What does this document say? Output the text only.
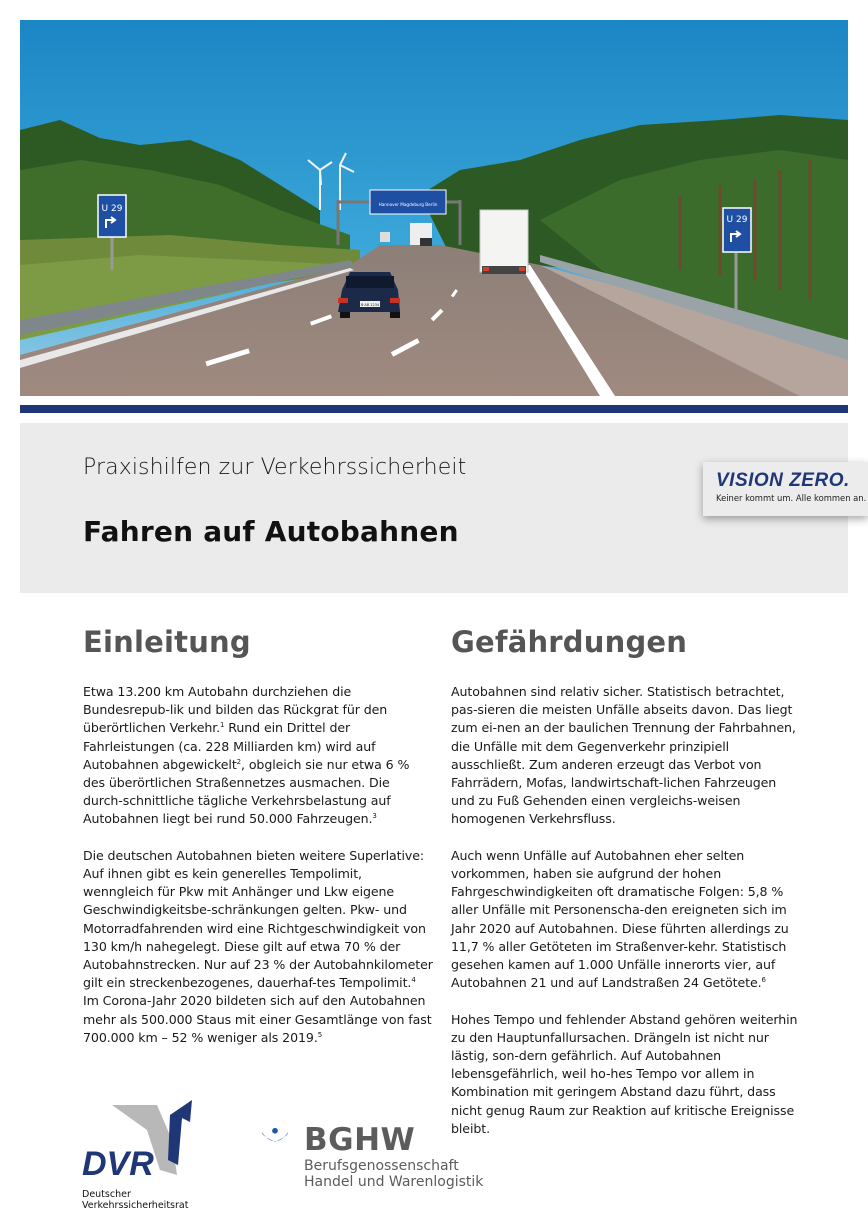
Hannover Magdeburg Berlin
U 29
U 29
B·AB 1234
Praxishilfen zur Verkehrssicherheit
Fahren auf Autobahnen
VISION ZERO.
Keiner kommt um. Alle kommen an.
Einleitung

Etwa 13.200 km Autobahn durchziehen die Bundesrepub-lik und bilden das Rückgrat für den überörtlichen Verkehr.$^1$ Rund ein Drittel der Fahrleistungen (ca. 228 Milliarden km) wird auf Autobahnen abgewickelt$^2$, obgleich sie nur etwa 6 % des überörtlichen Straßennetzes ausmachen. Die durch-schnittliche tägliche Verkehrsbelastung auf Autobahnen liegt bei rund 50.000 Fahrzeugen.$^3$

Die deutschen Autobahnen bieten weitere Superlative: Auf ihnen gibt es kein generelles Tempolimit, wenngleich für Pkw mit Anhänger und Lkw eigene Geschwindigkeitsbe-schränkungen gelten. Pkw- und Motorradfahrenden wird eine Richtgeschwindigkeit von 130 km/h nahegelegt. Diese gilt auf etwa 70 % der Autobahnstrecken. Nur auf 23 % der Autobahnkilometer gilt ein streckenbezogenes, dauerhaf-tes Tempolimit.$^4$ Im Corona-Jahr 2020 bildeten sich auf den Autobahnen mehr als 500.000 Staus mit einer Gesamtlänge von fast 700.000 km – 52 % weniger als 2019.$^5$

Gefährdungen

Autobahnen sind relativ sicher. Statistisch betrachtet, pas-sieren die meisten Unfälle abseits davon. Das liegt zum ei-nen an der baulichen Trennung der Fahrbahnen, die Unfälle mit dem Gegenverkehr prinzipiell ausschließt. Zum anderen erzeugt das Verbot von Fahrrädern, Mofas, landwirtschaft-lichen Fahrzeugen und zu Fuß Gehenden einen vergleichs-weisen homogenen Verkehrsfluss.

Auch wenn Unfälle auf Autobahnen eher selten vorkommen, haben sie aufgrund der hohen Fahrgeschwindigkeiten oft dramatische Folgen: 5,8 % aller Unfälle mit Personenscha-den ereigneten sich im Jahr 2020 auf Autobahnen. Diese führten allerdings zu 11,7 % aller Getöteten im Straßenver-kehr. Statistisch gesehen kamen auf 1.000 Unfälle innerorts vier, auf Autobahnen 21 und auf Landstraßen 24 Getötete.$^6$

Hohes Tempo und fehlender Abstand gehören weiterhin zu den Hauptunfallursachen. Drängeln ist nicht nur lästig, son-dern gefährlich. Auf Autobahnen lebensgefährlich, weil ho-hes Tempo vor allem in Kombination mit geringem Abstand dazu führt, dass nicht genug Raum zur Reaktion auf kritische Ereignisse bleibt.

DVR
Deutscher
Verkehrssicherheitsrat
BGHW
Berufsgenossenschaft
Handel und Warenlogistik
